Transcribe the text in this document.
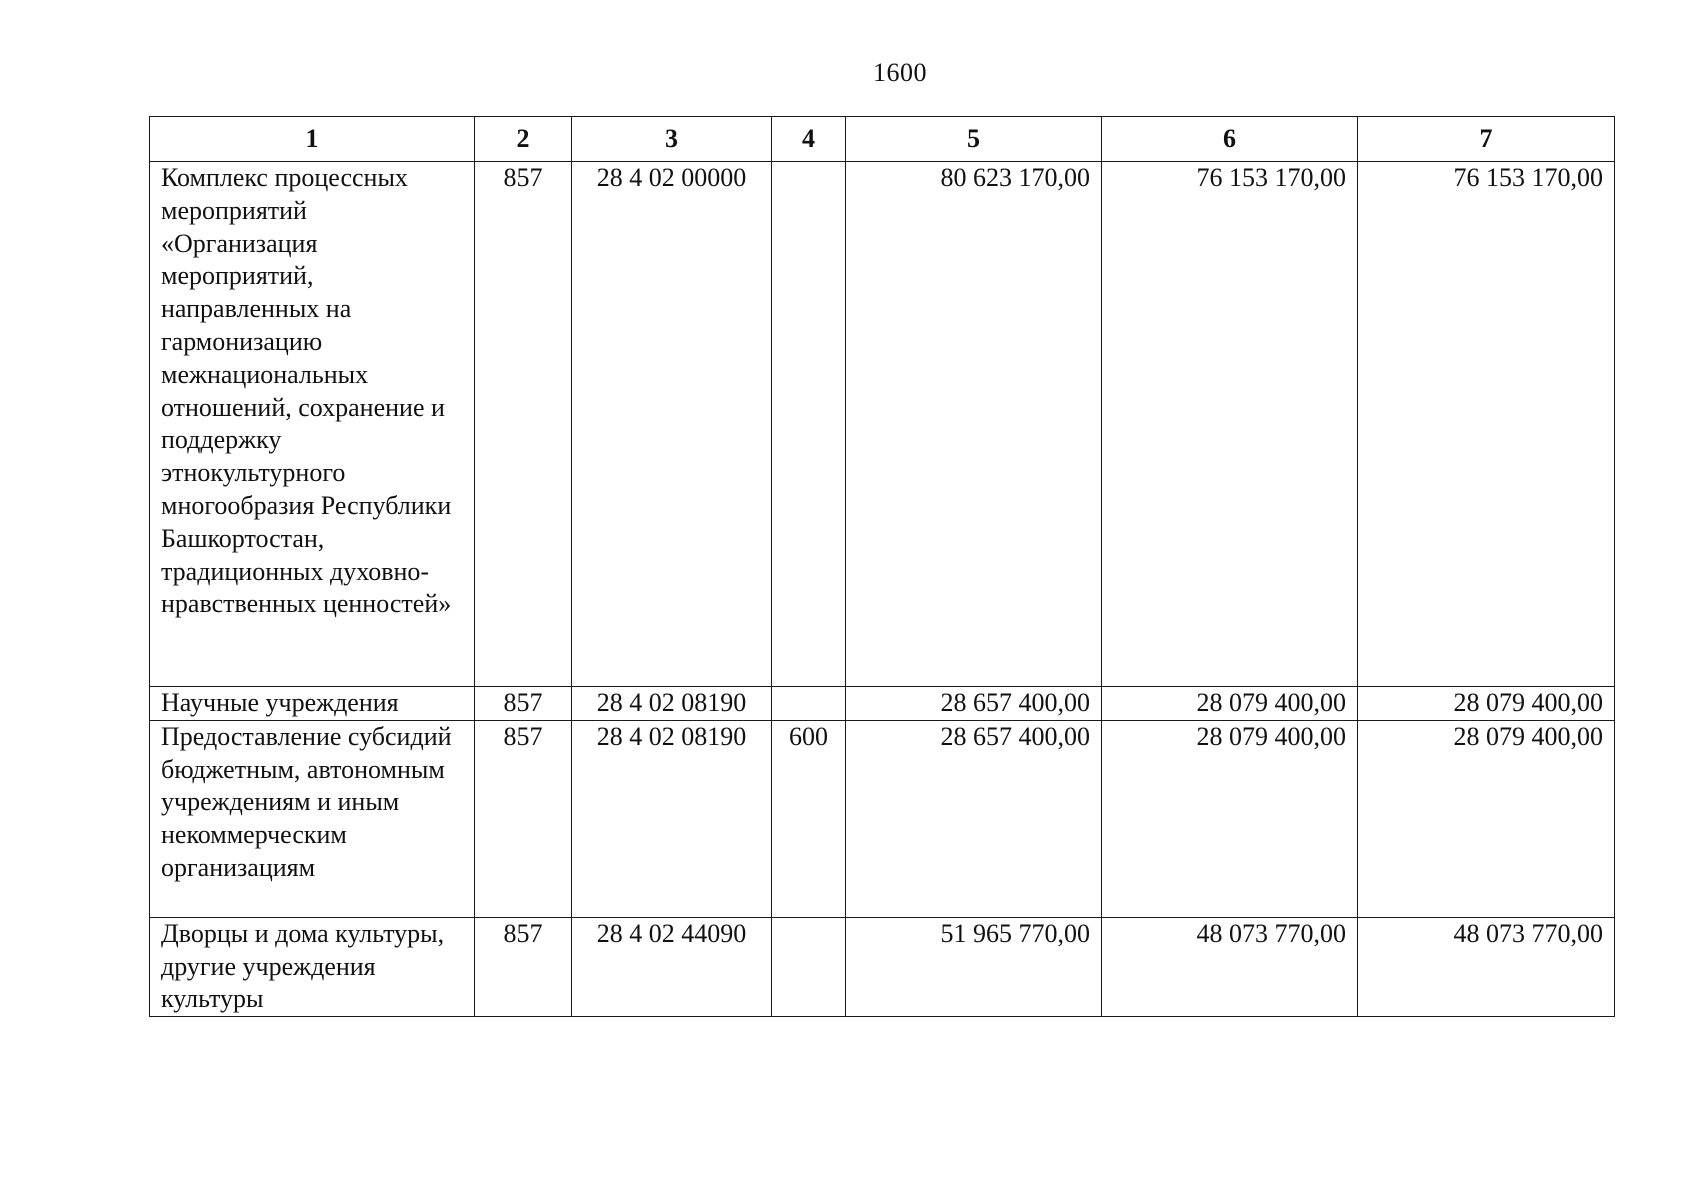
1600
1	2	3	4	5	6	7
Комплекс процессных мероприятий «Организация мероприятий, направленных на гармонизацию межнациональных отношений, сохранение и поддержку этнокультурного многообразия Республики Башкортостан, традиционных духовно-нравственных ценностей»	857	28 4 02 00000		80 623 170,00	76 153 170,00	76 153 170,00
Научные учреждения	857	28 4 02 08190		28 657 400,00	28 079 400,00	28 079 400,00
Предоставление субсидий бюджетным, автономным учреждениям и иным некоммерческим организациям	857	28 4 02 08190	600	28 657 400,00	28 079 400,00	28 079 400,00
Дворцы и дома культуры, другие учреждения культуры	857	28 4 02 44090		51 965 770,00	48 073 770,00	48 073 770,00
